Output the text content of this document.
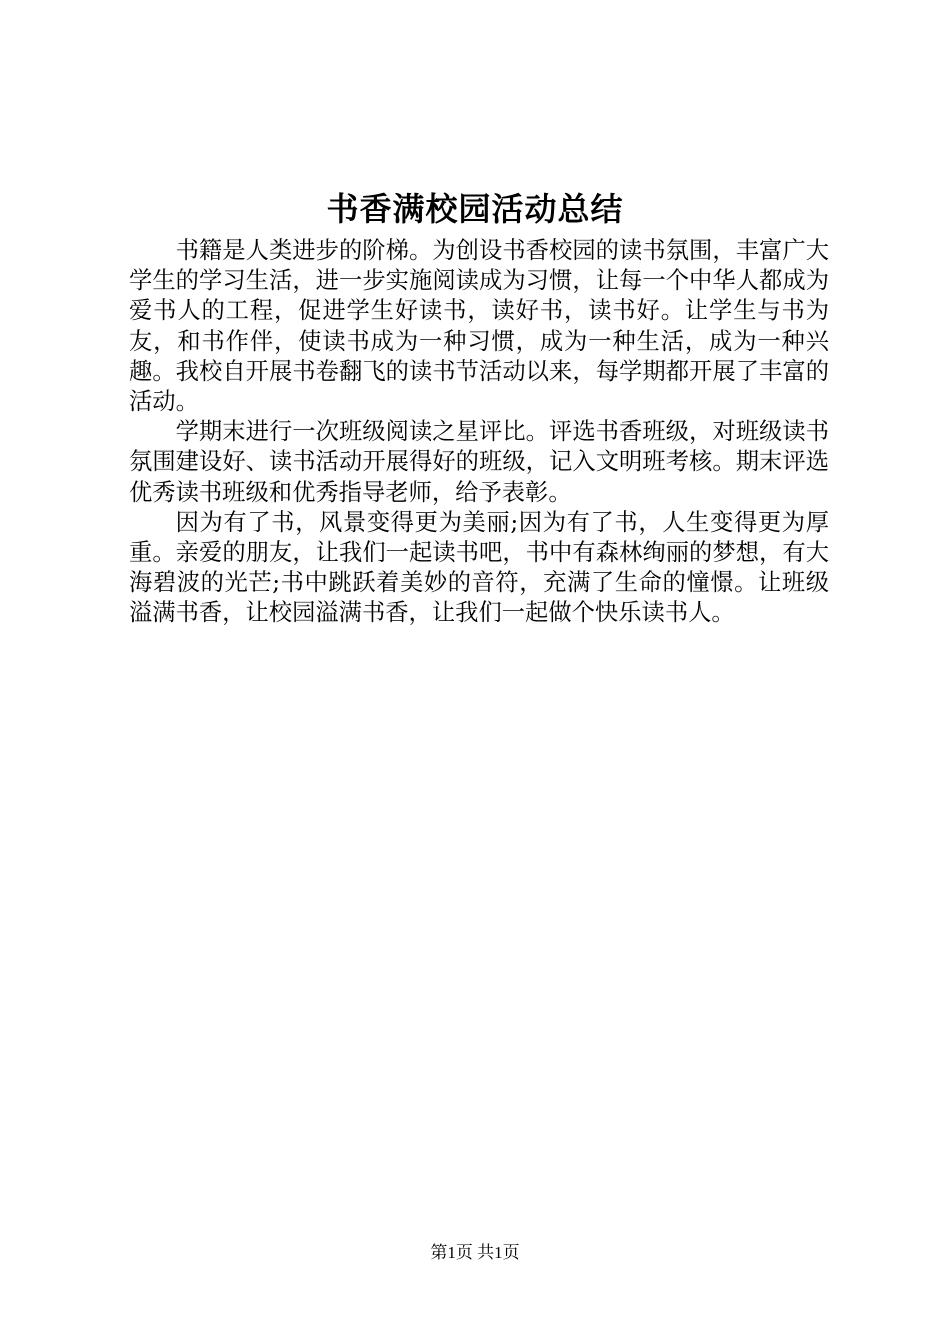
书香满校园活动总结

书籍是人类进步的阶梯。为创设书香校园的读书氛围，丰富广大学生的学习生活，进一步实施阅读成为习惯，让每一个中华人都成为爱书人的工程，促进学生好读书，读好书，读书好。让学生与书为友，和书作伴，使读书成为一种习惯，成为一种生活，成为一种兴趣。我校自开展书卷翻飞的读书节活动以来，每学期都开展了丰富的活动。

学期末进行一次班级阅读之星评比。评选书香班级，对班级读书氛围建设好、读书活动开展得好的班级，记入文明班考核。期末评选优秀读书班级和优秀指导老师，给予表彰。

因为有了书，风景变得更为美丽;因为有了书，人生变得更为厚重。亲爱的朋友，让我们一起读书吧，书中有森林绚丽的梦想，有大海碧波的光芒;书中跳跃着美妙的音符，充满了生命的憧憬。让班级溢满书香，让校园溢满书香，让我们一起做个快乐读书人。

第1页 共1页
